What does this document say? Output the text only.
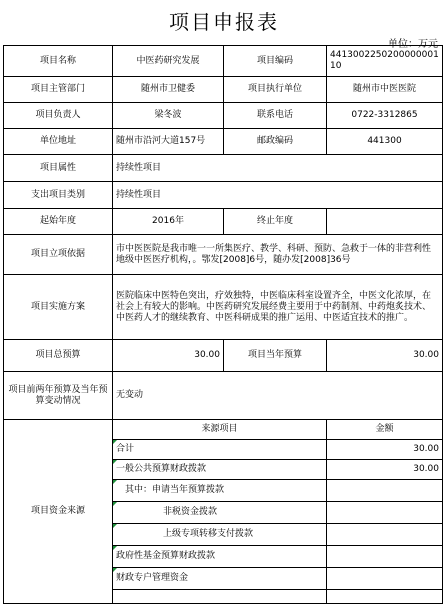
项目申报表
单位：万元
项目名称	中医药研究发展	项目编码	441300225020000000110
项目主管部门	随州市卫健委	项目执行单位	随州市中医医院
项目负责人	梁冬波	联系电话	0722-3312865
单位地址	随州市沿河大道157号	邮政编码	441300
项目属性	持续性项目		
支出项目类别	持续性项目		
起始年度	2016年	终止年度	
项目立项依据	市中医医院是我市唯一一所集医疗、教学、科研、预防、急救于一体的非营利性地级中医医疗机构，。鄂发[2008]6号，随办发[2008]36号		
项目实施方案	医院临床中医特色突出，疗效独特，中医临床科室设置齐全，中医文化浓厚，在社会上有较大的影响。中医药研究发展经费主要用于中药制剂、中药炮炙技术、中医药人才的继续教育、中医科研成果的推广运用、中医适宜技术的推广。		
项目总预算	30.00	项目当年预算	30.00
项目前两年预算及当年预算变动情况	无变动		
项目资金来源	来源项目		金额
	合计		30.00
	一般公共预算财政拨款		30.00
	其中：申请当年预算拨款		
	非税资金拨款		
	上级专项转移支付拨款		
	政府性基金预算财政拨款		
	财政专户管理资金		
